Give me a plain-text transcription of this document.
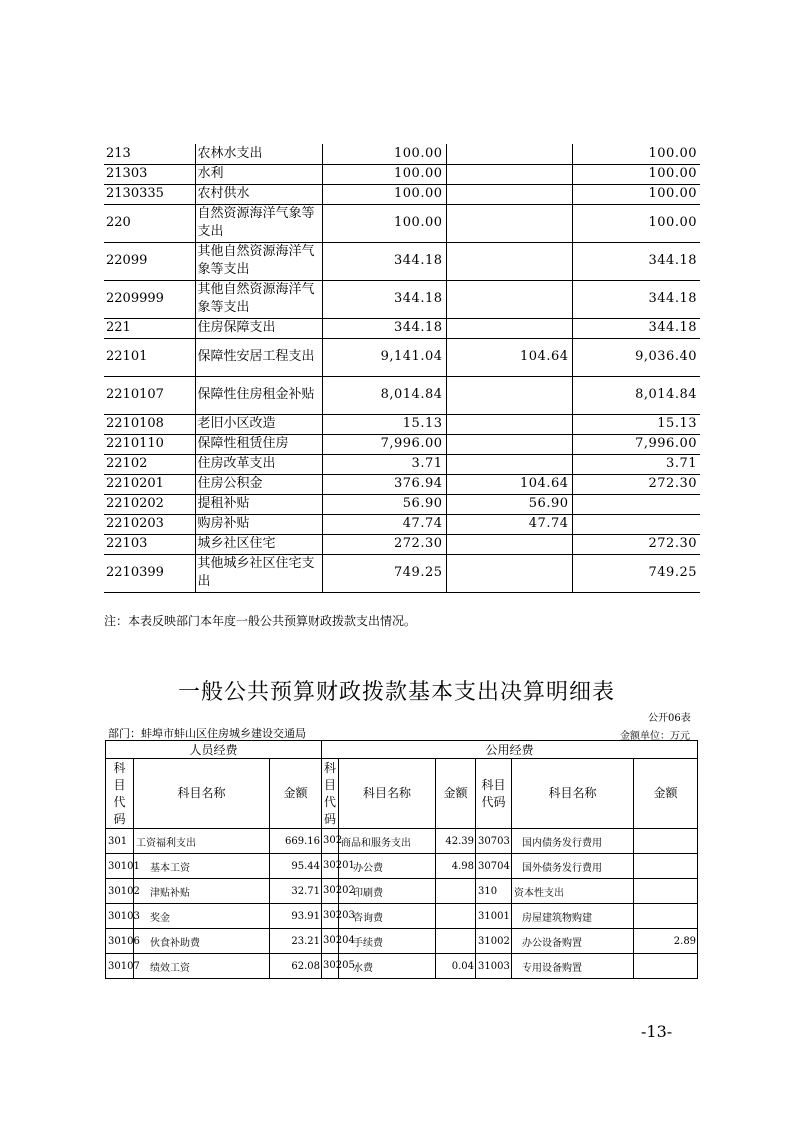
213	农林水支出	100.00		100.00
21303	水利	100.00		100.00
2130335	农村供水	100.00		100.00
220	自然资源海洋气象等支出	100.00		100.00
22099	其他自然资源海洋气象等支出	344.18		344.18
2209999	其他自然资源海洋气象等支出	344.18		344.18
221	住房保障支出	344.18		344.18
22101	保障性安居工程支出	9,141.04	104.64	9,036.40
2210107	保障性住房租金补贴	8,014.84		8,014.84
2210108	老旧小区改造	15.13		15.13
2210110	保障性租赁住房	7,996.00		7,996.00
22102	住房改革支出	3.71		3.71
2210201	住房公积金	376.94	104.64	272.30
2210202	提租补贴	56.90	56.90	
2210203	购房补贴	47.74	47.74	
22103	城乡社区住宅	272.30		272.30
2210399	其他城乡社区住宅支出	749.25		749.25
注：本表反映部门本年度一般公共预算财政拨款支出情况。
一般公共预算财政拨款基本支出决算明细表
公开06表
部门：蚌埠市蚌山区住房城乡建设交通局	金额单位：万元
人员经费			公用经费					
科目代码	科目名称	金额	科目代码	科目名称	金额	科目代码	科目名称	金额
301	工资福利支出	669.16	302	商品和服务支出	42.39	30703	国内债务发行费用	
30101	基本工资	95.44	30201	办公费	4.98	30704	国外债务发行费用	
30102	津贴补贴	32.71	30202	印刷费		310	资本性支出	
30103	奖金	93.91	30203	咨询费		31001	房屋建筑物购建	
30106	伙食补助费	23.21	30204	手续费		31002	办公设备购置	2.89
30107	绩效工资	62.08	30205	水费	0.04	31003	专用设备购置	
-13-
